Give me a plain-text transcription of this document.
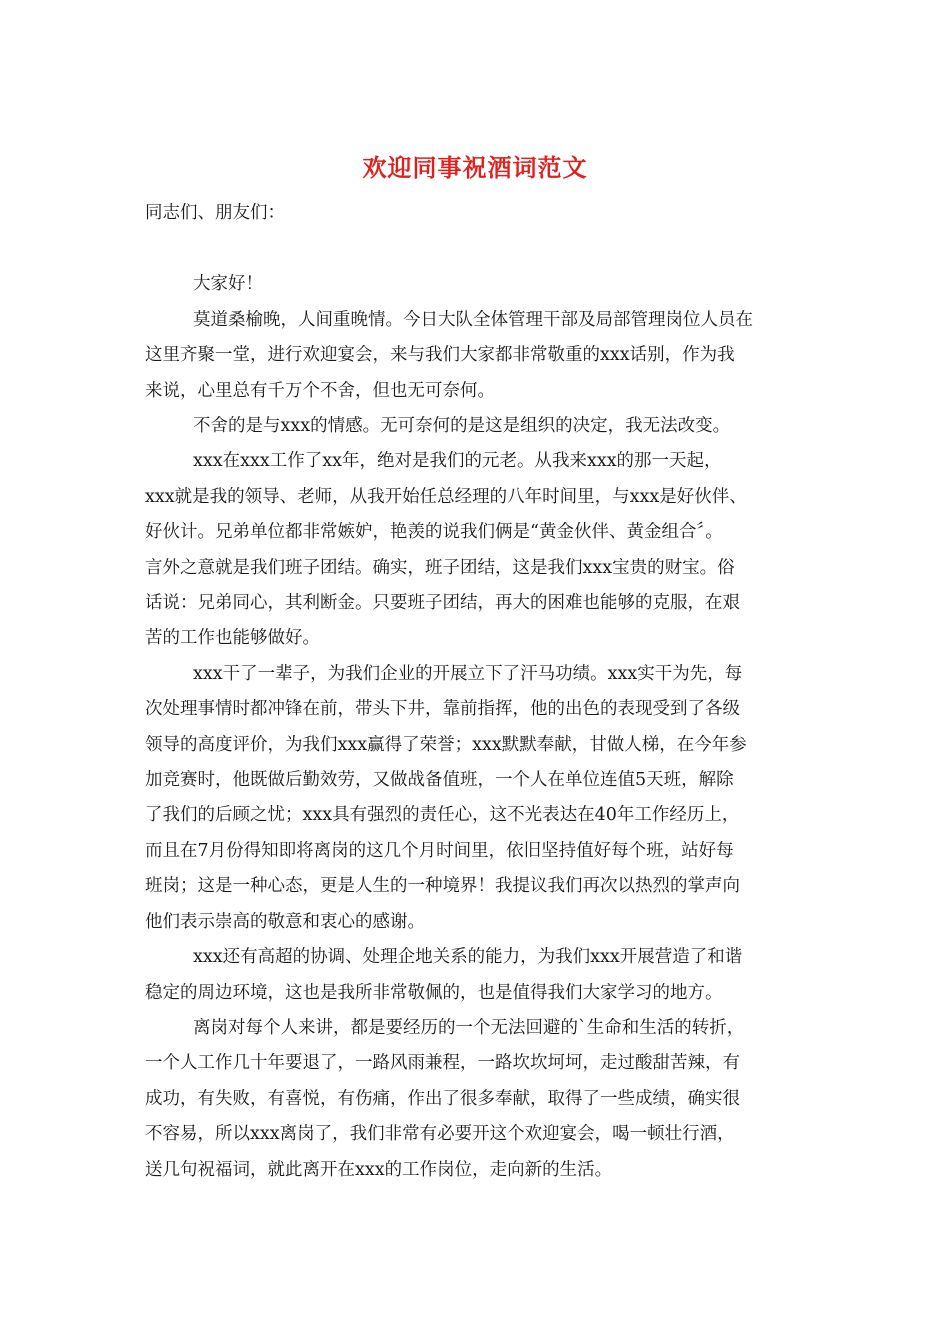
欢迎同事祝酒词范文

同志们、朋友们：

大家好！
莫道桑榆晚，人间重晚情。今日大队全体管理干部及局部管理岗位人员在
这里齐聚一堂，进行欢迎宴会，来与我们大家都非常敬重的xxx话别，作为我
来说，心里总有千万个不舍，但也无可奈何。
不舍的是与xxx的情感。无可奈何的是这是组织的决定，我无法改变。
xxx在xxx工作了xx年，绝对是我们的元老。从我来xxx的那一天起，
xxx就是我的领导、老师，从我开始任总经理的八年时间里，与xxx是好伙伴、
好伙计。兄弟单位都非常嫉妒，艳羡的说我们俩是“黄金伙伴、黄金组合〞。
言外之意就是我们班子团结。确实，班子团结，这是我们xxx宝贵的财宝。俗
话说：兄弟同心，其利断金。只要班子团结，再大的困难也能够的克服，在艰
苦的工作也能够做好。
xxx干了一辈子，为我们企业的开展立下了汗马功绩。xxx实干为先，每
次处理事情时都冲锋在前，带头下井，靠前指挥，他的出色的表现受到了各级
领导的高度评价，为我们xxx赢得了荣誉；xxx默默奉献，甘做人梯，在今年参
加竞赛时，他既做后勤效劳，又做战备值班，一个人在单位连值5天班，解除
了我们的后顾之忧；xxx具有强烈的责任心，这不光表达在40年工作经历上，
而且在7月份得知即将离岗的这几个月时间里，依旧坚持值好每个班，站好每
班岗；这是一种心态，更是人生的一种境界！我提议我们再次以热烈的掌声向
他们表示崇高的敬意和衷心的感谢。
xxx还有高超的协调、处理企地关系的能力，为我们xxx开展营造了和谐
稳定的周边环境，这也是我所非常敬佩的，也是值得我们大家学习的地方。
离岗对每个人来讲，都是要经历的一个无法回避的`生命和生活的转折，
一个人工作几十年要退了，一路风雨兼程，一路坎坎坷坷，走过酸甜苦辣，有
成功，有失败，有喜悦，有伤痛，作出了很多奉献，取得了一些成绩，确实很
不容易，所以xxx离岗了，我们非常有必要开这个欢迎宴会，喝一顿壮行酒，
送几句祝福词，就此离开在xxx的工作岗位，走向新的生活。
